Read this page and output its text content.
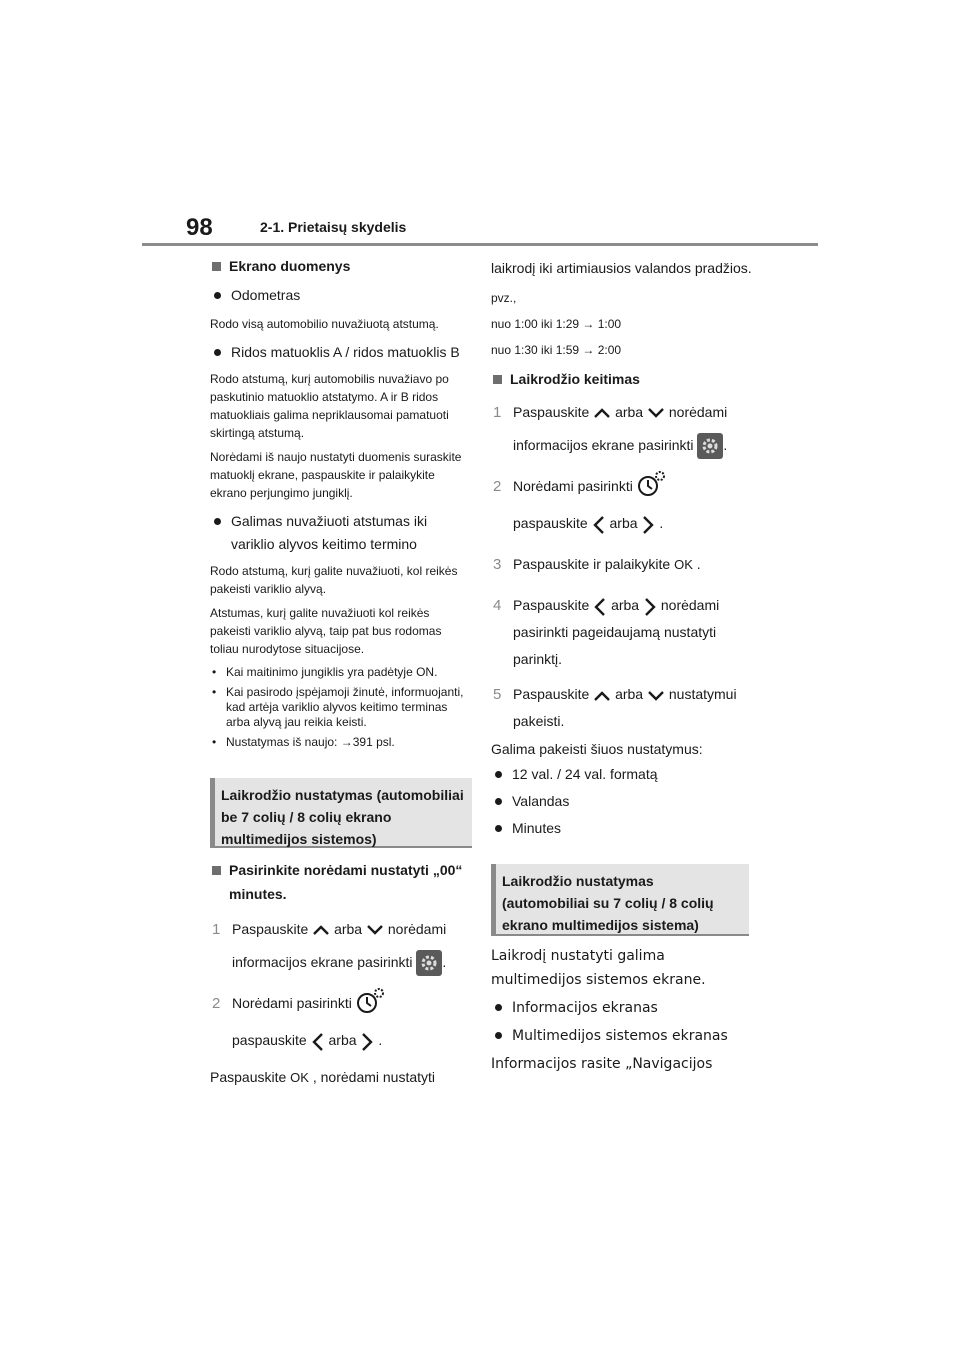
98	2-1. Prietaisų skydelis
Ekrano duomenys
Odometras
Rodo visą automobilio nuvažiuotą atstumą.
Ridos matuoklis A / ridos matuoklis B
Rodo atstumą, kurį automobilis nuvažiavo po paskutinio matuoklio atstatymo. A ir B ridos matuokliais galima nepriklausomai pamatuoti skirtingą atstumą.
Norėdami iš naujo nustatyti duomenis suraskite matuoklį ekrane, paspauskite ir palaikykite ekrano perjungimo jungiklį.
Galimas nuvažiuoti atstumas iki variklio alyvos keitimo termino
Rodo atstumą, kurį galite nuvažiuoti, kol reikės pakeisti variklio alyvą.
Atstumas, kurį galite nuvažiuoti kol reikės pakeisti variklio alyvą, taip pat bus rodomas toliau nurodytose situacijose.
• Kai maitinimo jungiklis yra padėtyje ON.
• Kai pasirodo įspėjamoji žinutė, informuojanti, kad artėja variklio alyvos keitimo terminas arba alyvą jau reikia keisti.
• Nustatymas iš naujo: →391 psl.
Laikrodžio nustatymas (automobiliai be 7 colių / 8 colių ekrano multimedijos sistemos)
Pasirinkite norėdami nustatyti „00“ minutes.
1 Paspauskite arba norėdami
informacijos ekrane pasirinkti .
2 Norėdami pasirinkti
paspauskite arba .
Paspauskite OK , norėdami nustatyti
laikrodį iki artimiausios valandos pradžios.
pvz.,
nuo 1:00 iki 1:29 → 1:00
nuo 1:30 iki 1:59 → 2:00
Laikrodžio keitimas
1 Paspauskite arba norėdami
informacijos ekrane pasirinkti .
2 Norėdami pasirinkti
paspauskite arba .
3 Paspauskite ir palaikykite OK .
4 Paspauskite arba norėdami
pasirinkti pageidaujamą nustatyti parinktį.
5 Paspauskite arba nustatymui
pakeisti.
Galima pakeisti šiuos nustatymus:
12 val. / 24 val. formatą
Valandas
Minutes
Laikrodžio nustatymas (automobiliai su 7 colių / 8 colių ekrano multimedijos sistema)
Laikrodį nustatyti galima multimedijos sistemos ekrane.
Informacijos ekranas
Multimedijos sistemos ekranas
Informacijos rasite „Navigacijos
